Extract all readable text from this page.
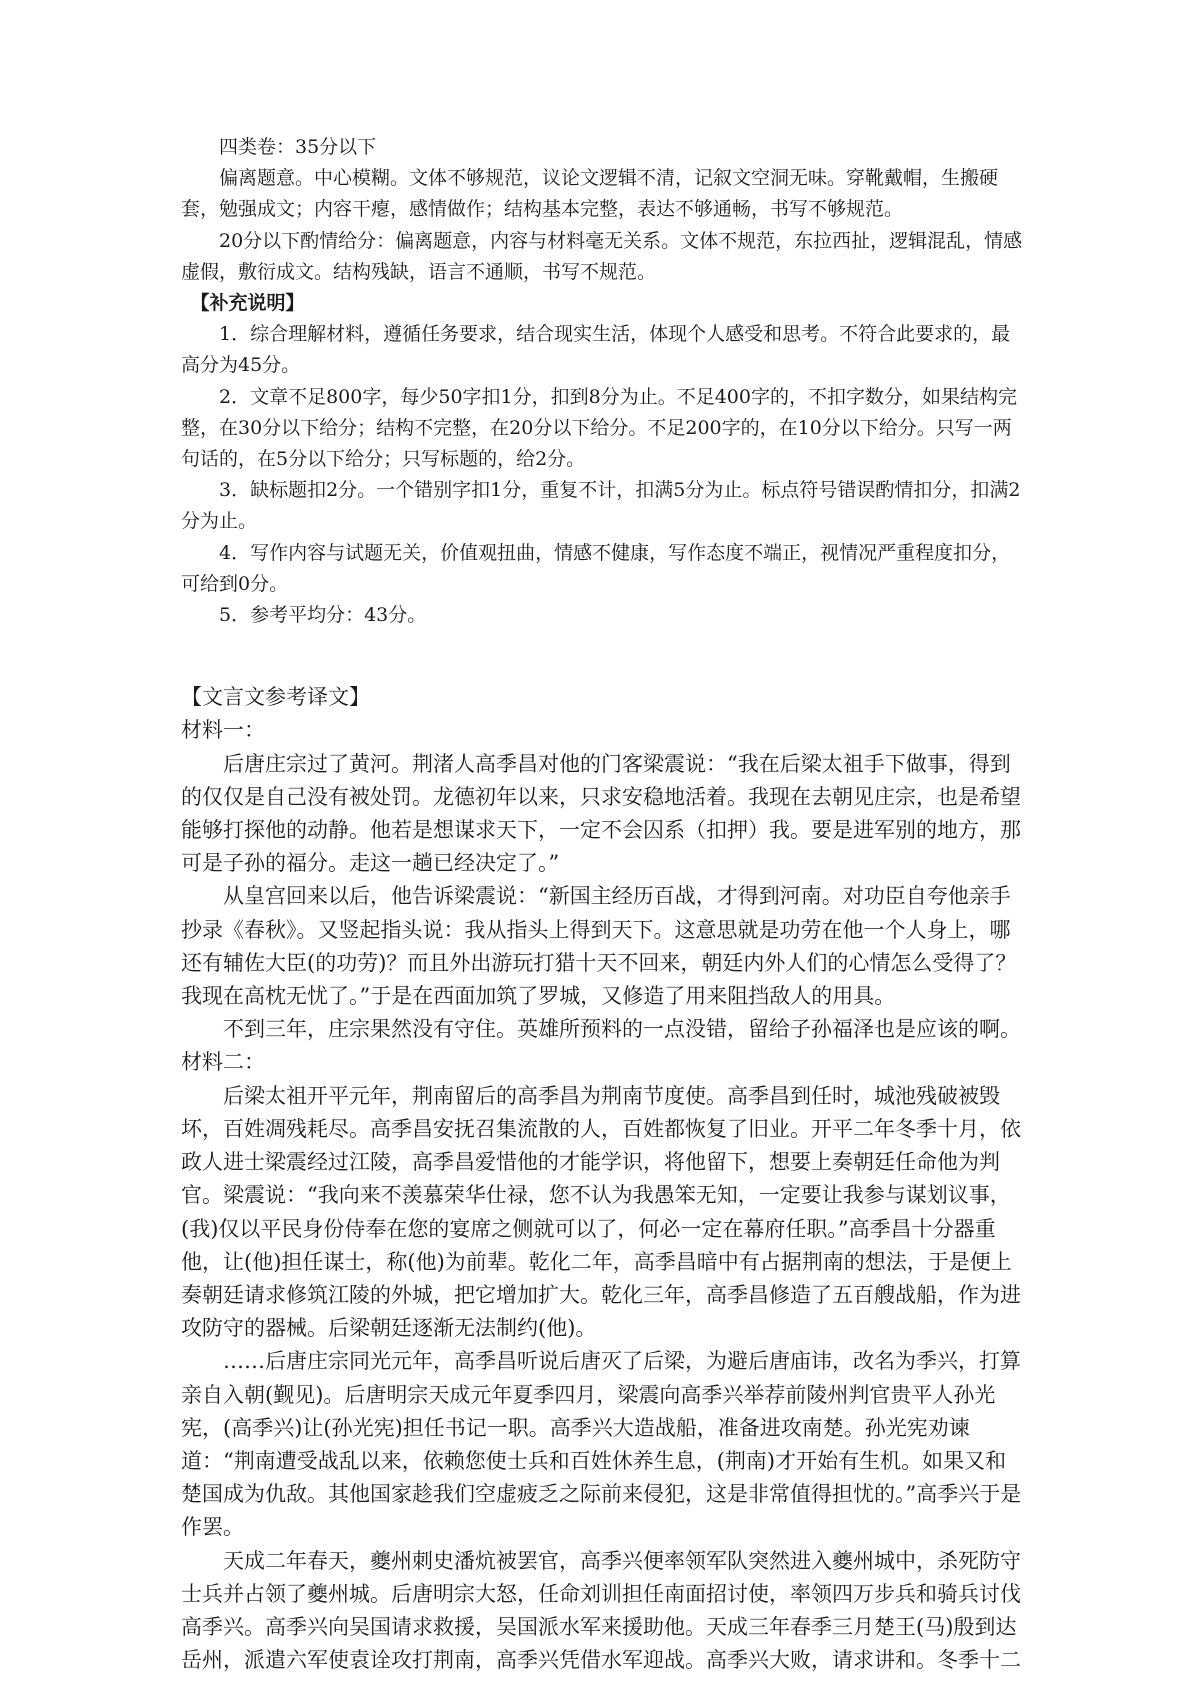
四类卷：35分以下

偏离题意。中心模糊。文体不够规范，议论文逻辑不清，记叙文空洞无味。穿靴戴帽，生搬硬套，勉强成文；内容干瘪，感情做作；结构基本完整，表达不够通畅，书写不够规范。

20分以下酌情给分：偏离题意，内容与材料毫无关系。文体不规范，东拉西扯，逻辑混乱，情感虚假，敷衍成文。结构残缺，语言不通顺，书写不规范。

【补充说明】

1．综合理解材料，遵循任务要求，结合现实生活，体现个人感受和思考。不符合此要求的，最高分为45分。

2．文章不足800字，每少50字扣1分，扣到8分为止。不足400字的，不扣字数分，如果结构完整，在30分以下给分；结构不完整，在20分以下给分。不足200字的，在10分以下给分。只写一两句话的，在5分以下给分；只写标题的，给2分。

3．缺标题扣2分。一个错别字扣1分，重复不计，扣满5分为止。标点符号错误酌情扣分，扣满2分为止。

4．写作内容与试题无关，价值观扭曲，情感不健康，写作态度不端正，视情况严重程度扣分，可给到0分。

5．参考平均分：43分。

【文言文参考译文】

材料一：

后唐庄宗过了黄河。荆渚人高季昌对他的门客梁震说：“我在后梁太祖手下做事，得到的仅仅是自己没有被处罚。龙德初年以来，只求安稳地活着。我现在去朝见庄宗，也是希望能够打探他的动静。他若是想谋求天下，一定不会囚系（扣押）我。要是进军别的地方，那可是子孙的福分。走这一趟已经决定了。”

从皇宫回来以后，他告诉梁震说：“新国主经历百战，才得到河南。对功臣自夸他亲手抄录《春秋》。又竖起指头说：我从指头上得到天下。这意思就是功劳在他一个人身上，哪还有辅佐大臣(的功劳)？而且外出游玩打猎十天不回来，朝廷内外人们的心情怎么受得了？我现在高枕无忧了。”于是在西面加筑了罗城，又修造了用来阻挡敌人的用具。

不到三年，庄宗果然没有守住。英雄所预料的一点没错，留给子孙福泽也是应该的啊。

材料二：

后梁太祖开平元年，荆南留后的高季昌为荆南节度使。高季昌到任时，城池残破被毁坏，百姓凋残耗尽。高季昌安抚召集流散的人，百姓都恢复了旧业。开平二年冬季十月，依政人进士梁震经过江陵，高季昌爱惜他的才能学识，将他留下，想要上奏朝廷任命他为判官。梁震说：“我向来不羡慕荣华仕禄，您不认为我愚笨无知，一定要让我参与谋划议事，(我)仅以平民身份侍奉在您的宴席之侧就可以了，何必一定在幕府任职。”高季昌十分器重他，让(他)担任谋士，称(他)为前辈。乾化二年，高季昌暗中有占据荆南的想法，于是便上奏朝廷请求修筑江陵的外城，把它增加扩大。乾化三年，高季昌修造了五百艘战船，作为进攻防守的器械。后梁朝廷逐渐无法制约(他)。

……后唐庄宗同光元年，高季昌听说后唐灭了后梁，为避后唐庙讳，改名为季兴，打算亲自入朝(觐见)。后唐明宗天成元年夏季四月，梁震向高季兴举荐前陵州判官贵平人孙光宪，(高季兴)让(孙光宪)担任书记一职。高季兴大造战船，准备进攻南楚。孙光宪劝谏道：“荆南遭受战乱以来，依赖您使士兵和百姓休养生息，(荆南)才开始有生机。如果又和楚国成为仇敌。其他国家趁我们空虚疲乏之际前来侵犯，这是非常值得担忧的。”高季兴于是作罢。

天成二年春天，夔州刺史潘炕被罢官，高季兴便率领军队突然进入夔州城中，杀死防守士兵并占领了夔州城。后唐明宗大怒，任命刘训担任南面招讨使，率领四万步兵和骑兵讨伐高季兴。高季兴向吴国请求救援，吴国派水军来援助他。天成三年春季三月楚王(马)殷到达岳州，派遣六军使袁诠攻打荆南，高季兴凭借水军迎战。高季兴大败，请求讲和。冬季十二
